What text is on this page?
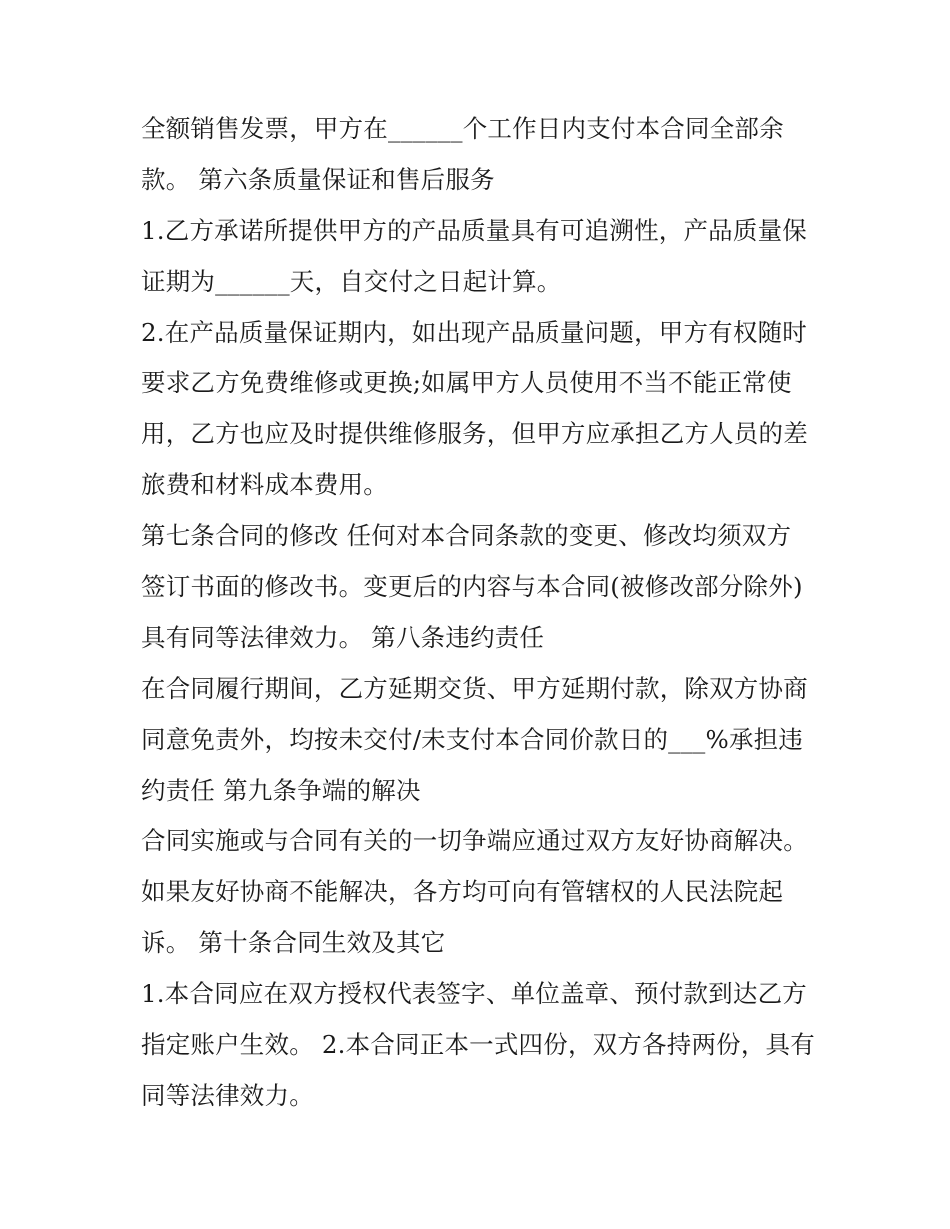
全额销售发票，甲方在______个工作日内支付本合同全部余
款。 第六条质量保证和售后服务
1.乙方承诺所提供甲方的产品质量具有可追溯性，产品质量保
证期为______天，自交付之日起计算。
2.在产品质量保证期内，如出现产品质量问题，甲方有权随时
要求乙方免费维修或更换;如属甲方人员使用不当不能正常使
用，乙方也应及时提供维修服务，但甲方应承担乙方人员的差
旅费和材料成本费用。
第七条合同的修改 任何对本合同条款的变更、修改均须双方
签订书面的修改书。变更后的内容与本合同(被修改部分除外)
具有同等法律效力。 第八条违约责任
在合同履行期间，乙方延期交货、甲方延期付款，除双方协商
同意免责外，均按未交付/未支付本合同价款日的___%承担违
约责任 第九条争端的解决
合同实施或与合同有关的一切争端应通过双方友好协商解决。
如果友好协商不能解决，各方均可向有管辖权的人民法院起
诉。 第十条合同生效及其它
1.本合同应在双方授权代表签字、单位盖章、预付款到达乙方
指定账户生效。 2.本合同正本一式四份，双方各持两份，具有
同等法律效力。
